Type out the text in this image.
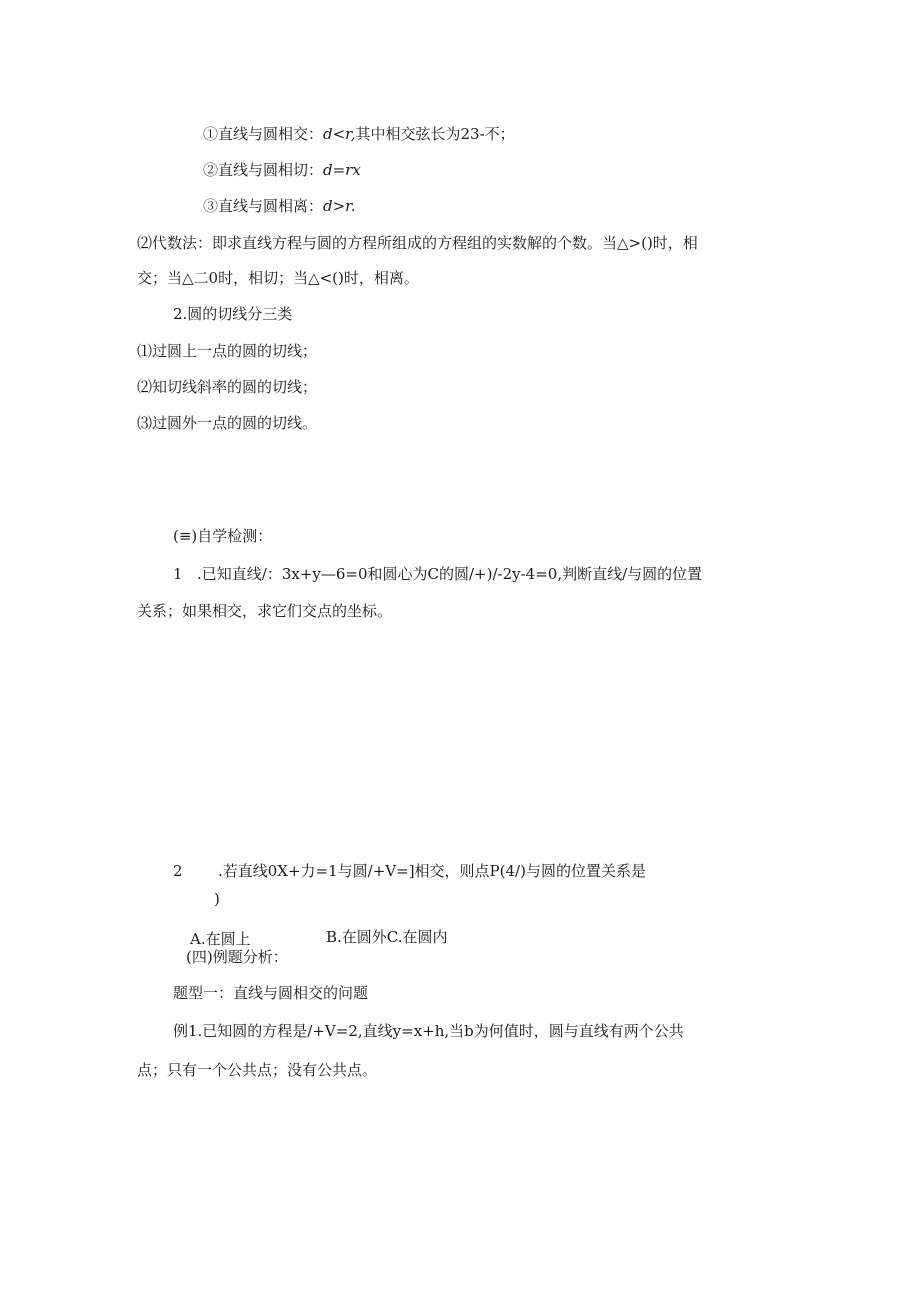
①直线与圆相交：d<r,其中相交弦长为23-不；
②直线与圆相切：d=rx
③直线与圆相离：d>r.
⑵代数法：即求直线方程与圆的方程所组成的方程组的实数解的个数。当△>()时，相
交；当△二0时，相切；当△<()时，相离。
2.圆的切线分三类
⑴过圆上一点的圆的切线；
⑵知切线斜率的圆的切线；
⑶过圆外一点的圆的切线。
(≡)自学检测：
1 .已知直线/：3x+y—6=0和圆心为C的圆/+)/-2y-4=0,判断直线/与圆的位置
关系；如果相交，求它们交点的坐标。
2 .若直线0X+力=1与圆/+V=]相交，则点P(4/)与圆的位置关系是
)
A.在圆上	B.在圆外C.在圆内
(四)例题分析：
题型一：直线与圆相交的问题
例1.已知圆的方程是/+V=2,直线y=x+h,当b为何值时，圆与直线有两个公共
点；只有一个公共点；没有公共点。
